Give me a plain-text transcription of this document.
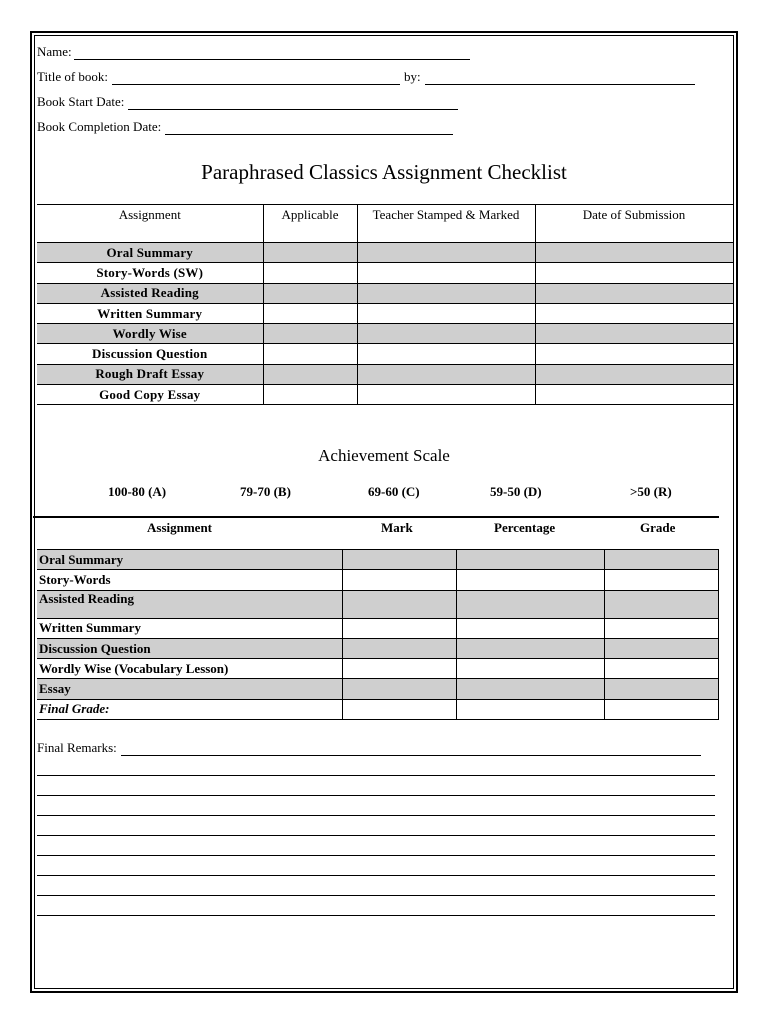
Name:
Title of book:	by:
Book Start Date:
Book Completion Date:
Paraphrased Classics Assignment Checklist
Assignment	Applicable	Teacher Stamped & Marked	Date of Submission
Oral Summary			
Story-Words (SW)			
Assisted Reading			
Written Summary			
Wordly Wise			
Discussion Question			
Rough Draft Essay			
Good Copy Essay			
Achievement Scale
100-80 (A)	79-70 (B)	69-60 (C)	59-50 (D)	>50 (R)
Assignment	Mark	Percentage	Grade
Oral Summary			
Story-Words			
Assisted Reading			
Written Summary			
Discussion Question			
Wordly Wise (Vocabulary Lesson)			
Essay			
Final Grade:			
Final Remarks:
